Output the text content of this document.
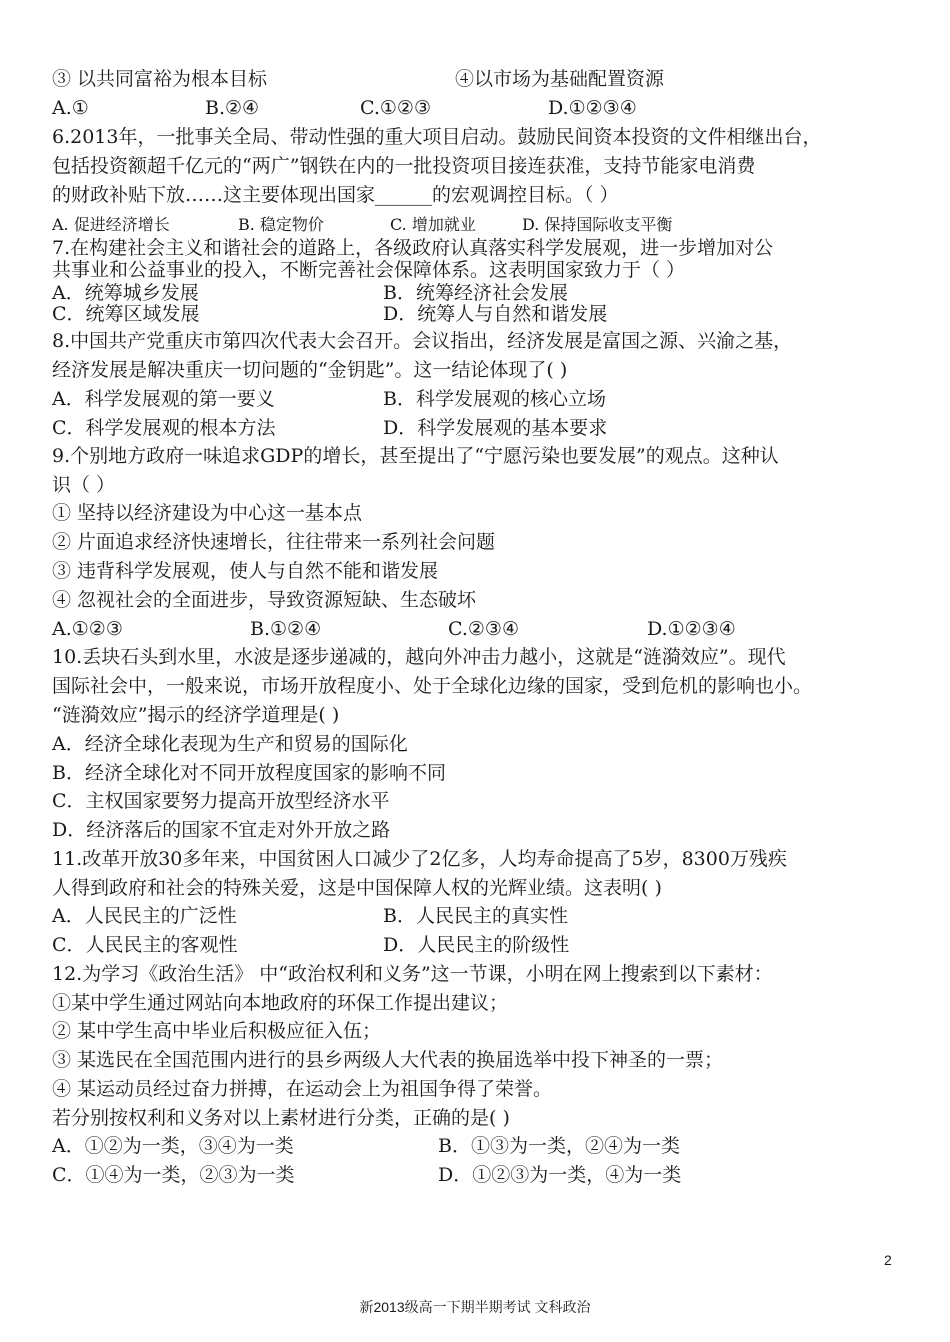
③ 以共同富裕为根本目标	④以市场为基础配置资源
A.①	B.②④	C.①②③	D.①②③④
6.2013年，一批事关全局、带动性强的重大项目启动。鼓励民间资本投资的文件相继出台，
包括投资额超千亿元的“两广”钢铁在内的一批投资项目接连获准，支持节能家电消费
的财政补贴下放……这主要体现出国家______的宏观调控目标。（ ）
A. 促进经济增长	B. 稳定物价	C. 增加就业	D. 保持国际收支平衡
7.在构建社会主义和谐社会的道路上，各级政府认真落实科学发展观，进一步增加对公
共事业和公益事业的投入，不断完善社会保障体系。这表明国家致力于（ ）
A．统筹城乡发展	B．统筹经济社会发展
C．统筹区域发展	D．统筹人与自然和谐发展
8.中国共产党重庆市第四次代表大会召开。会议指出，经济发展是富国之源、兴渝之基，
经济发展是解决重庆一切问题的“金钥匙”。这一结论体现了( )
A．科学发展观的第一要义	B．科学发展观的核心立场
C．科学发展观的根本方法	D．科学发展观的基本要求
9.个别地方政府一味追求GDP的增长，甚至提出了“宁愿污染也要发展”的观点。这种认
识（ ）
① 坚持以经济建设为中心这一基本点
② 片面追求经济快速增长，往往带来一系列社会问题
③ 违背科学发展观，使人与自然不能和谐发展
④ 忽视社会的全面进步，导致资源短缺、生态破坏
A.①②③	B.①②④	C.②③④	D.①②③④
10.丢块石头到水里，水波是逐步递减的，越向外冲击力越小，这就是“涟漪效应”。现代
国际社会中，一般来说，市场开放程度小、处于全球化边缘的国家，受到危机的影响也小。
“涟漪效应”揭示的经济学道理是( )
A．经济全球化表现为生产和贸易的国际化
B．经济全球化对不同开放程度国家的影响不同
C．主权国家要努力提高开放型经济水平
D．经济落后的国家不宜走对外开放之路
11.改革开放30多年来，中国贫困人口减少了2亿多，人均寿命提高了5岁，8300万残疾
人得到政府和社会的特殊关爱，这是中国保障人权的光辉业绩。这表明( )
A．人民民主的广泛性	B．人民民主的真实性
C．人民民主的客观性	D．人民民主的阶级性
12.为学习《政治生活》 中“政治权利和义务”这一节课，小明在网上搜索到以下素材：
①某中学生通过网站向本地政府的环保工作提出建议；
② 某中学生高中毕业后积极应征入伍；
③ 某选民在全国范围内进行的县乡两级人大代表的换届选举中投下神圣的一票；
④ 某运动员经过奋力拼搏，在运动会上为祖国争得了荣誉。
若分别按权利和义务对以上素材进行分类，正确的是( )
A．①②为一类，③④为一类	B．①③为一类，②④为一类
C．①④为一类，②③为一类	D．①②③为一类，④为一类
2
新2013级高一下期半期考试 文科政治
